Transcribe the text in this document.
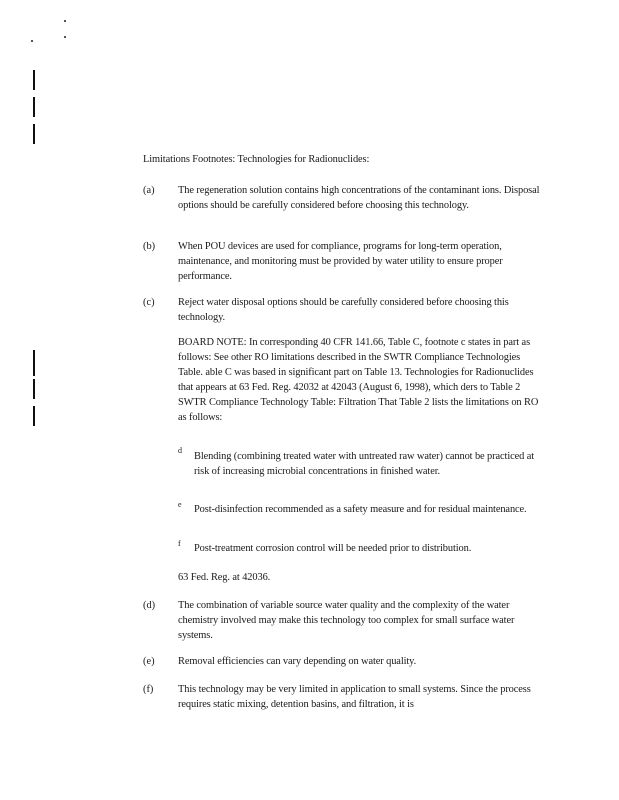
Limitations Footnotes: Technologies for Radionuclides:
(a) The regeneration solution contains high concentrations of the contaminant ions. Disposal options should be carefully considered before choosing this technology.
(b) When POU devices are used for compliance, programs for long-term operation, maintenance, and monitoring must be provided by water utility to ensure proper performance.
(c) Reject water disposal options should be carefully considered before choosing this technology.
BOARD NOTE: In corresponding 40 CFR 141.66, Table C, footnote c states in part as follows: See other RO limitations described in the SWTR Compliance Technologies Table. able C was based in significant part on Table 13. Technologies for Radionuclides that appears at 63 Fed. Reg. 42032 at 42043 (August 6, 1998), which ders to Table 2 SWTR Compliance Technology Table: Filtration That Table 2 lists the limitations on RO as follows:
d
Blending (combining treated water with untreated raw water) cannot be practiced at risk of increasing microbial concentrations in finished water.
e Post-disinfection recommended as a safety measure and for residual maintenance.
f Post-treatment corrosion control will be needed prior to distribution.
63 Fed. Reg. at 42036.
(d) The combination of variable source water quality and the complexity of the water chemistry involved may make this technology too complex for small surface water systems.
(e) Removal efficiencies can vary depending on water quality.
(f) This technology may be very limited in application to small systems. Since the process requires static mixing, detention basins, and filtration, it is
